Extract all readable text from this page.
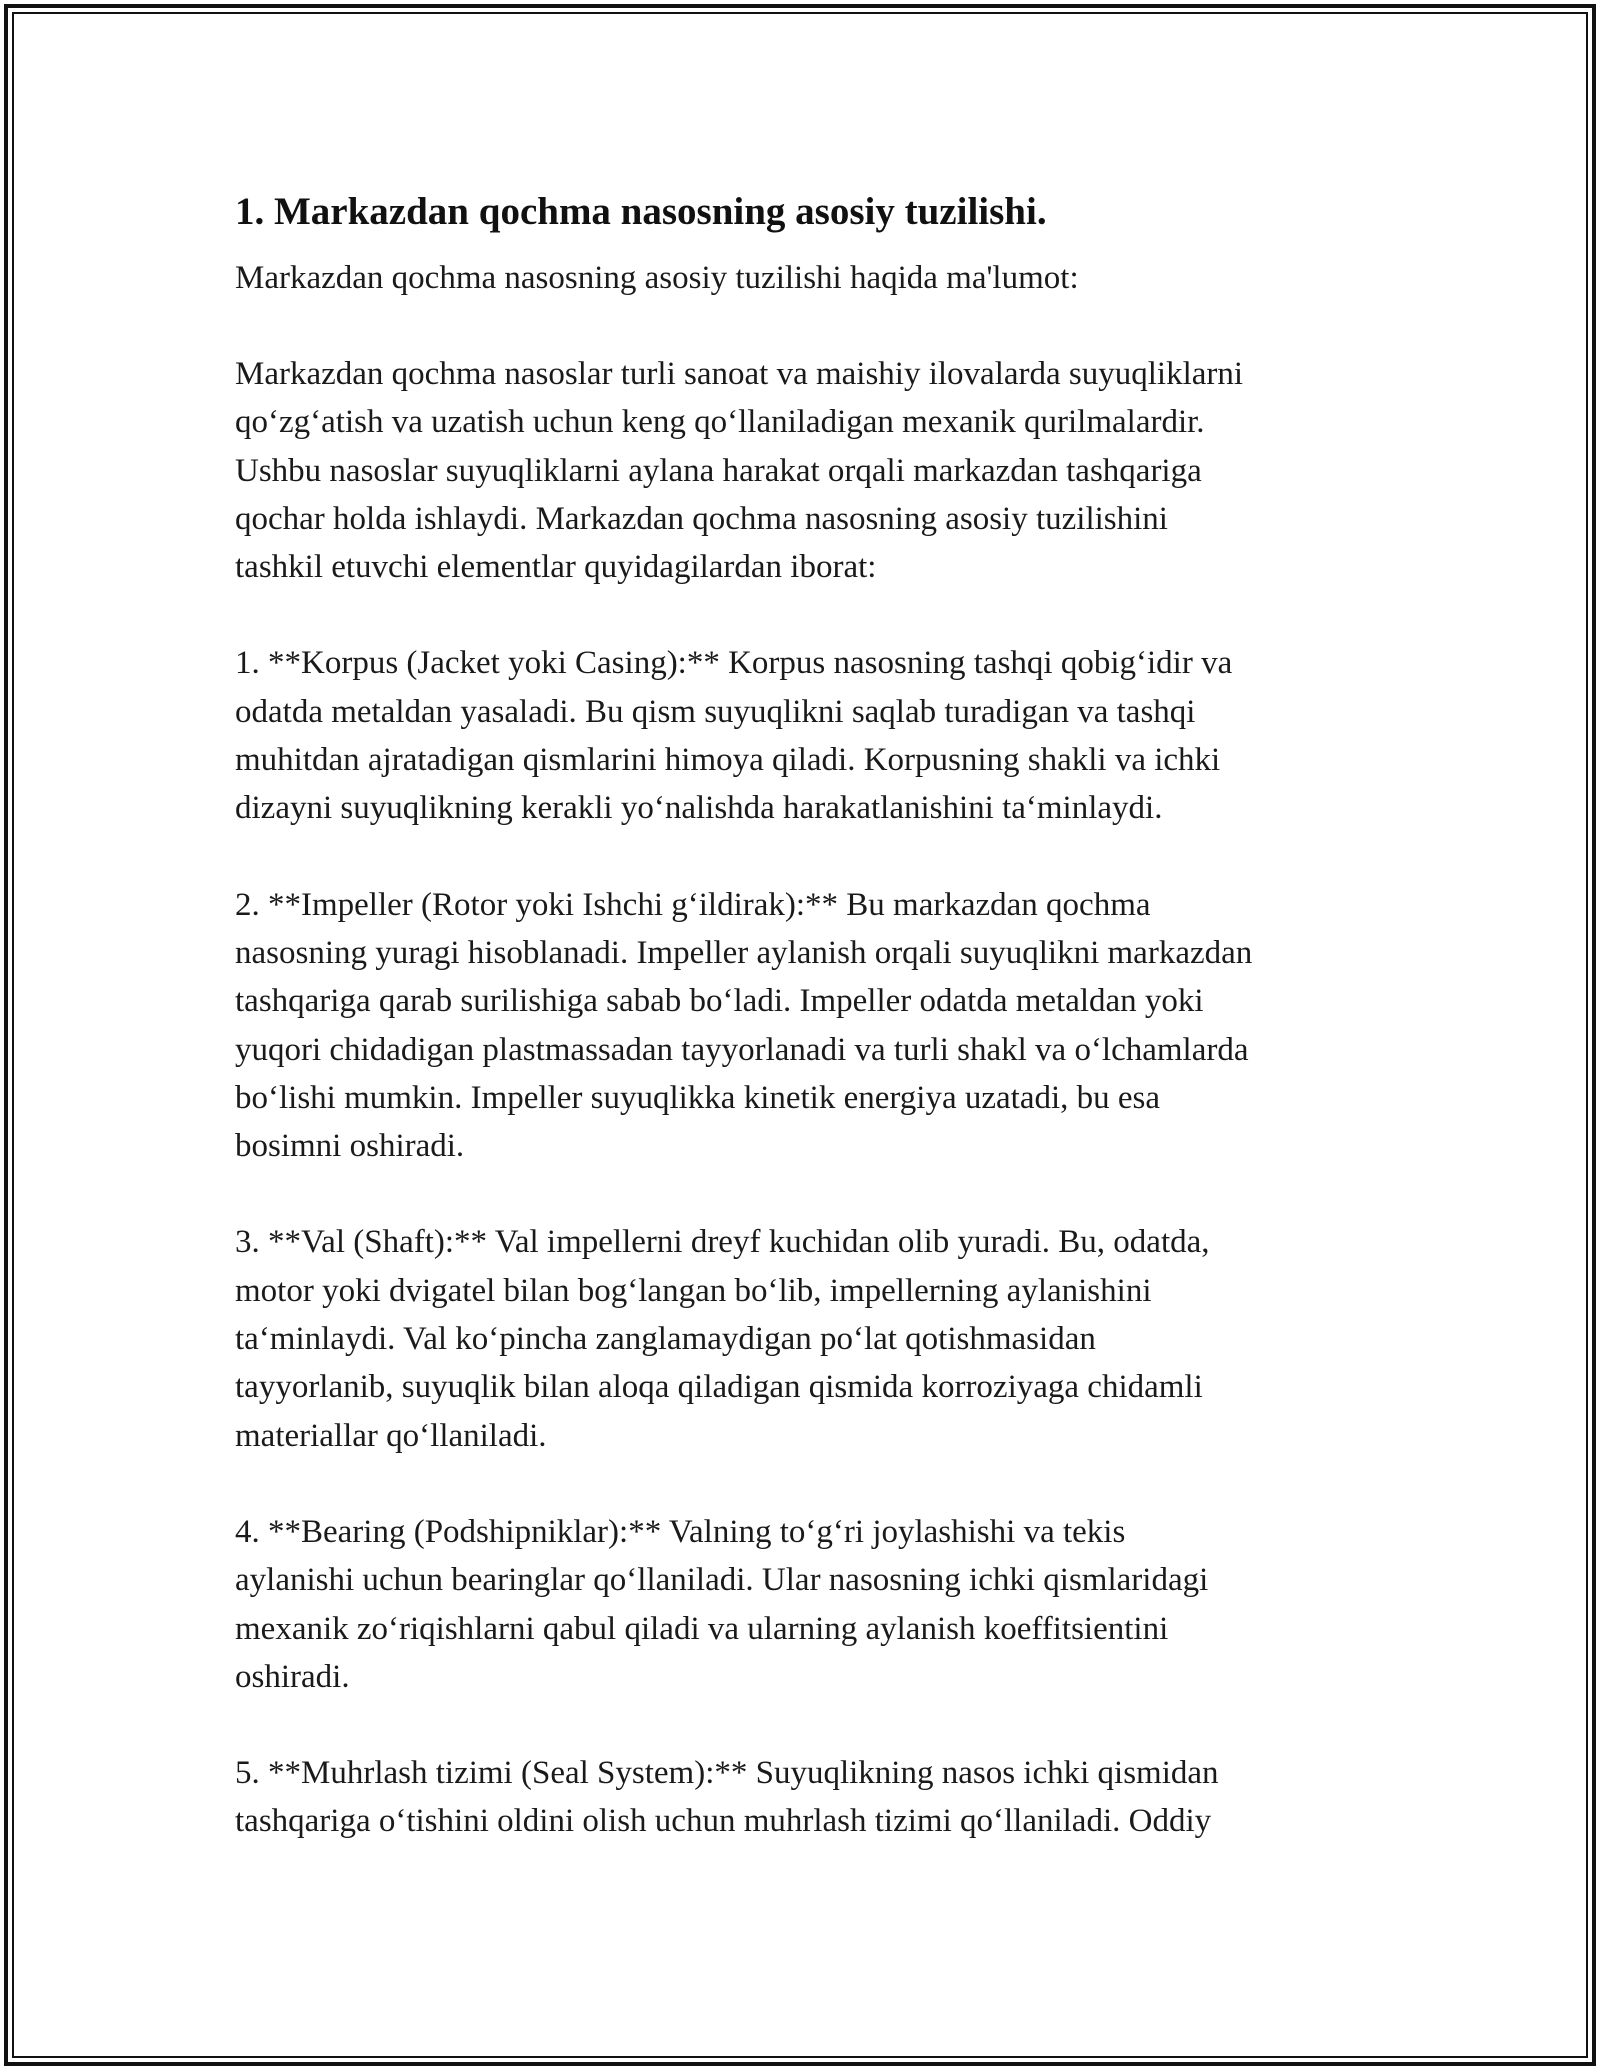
1. Markazdan qochma nasosning asosiy tuzilishi.

Markazdan qochma nasosning asosiy tuzilishi haqida ma'lumot:

Markazdan qochma nasoslar turli sanoat va maishiy ilovalarda suyuqliklarni
qo‘zg‘atish va uzatish uchun keng qo‘llaniladigan mexanik qurilmalardir.
Ushbu nasoslar suyuqliklarni aylana harakat orqali markazdan tashqariga
qochar holda ishlaydi. Markazdan qochma nasosning asosiy tuzilishini
tashkil etuvchi elementlar quyidagilardan iborat:

1. **Korpus (Jacket yoki Casing):** Korpus nasosning tashqi qobig‘idir va
odatda metaldan yasaladi. Bu qism suyuqlikni saqlab turadigan va tashqi
muhitdan ajratadigan qismlarini himoya qiladi. Korpusning shakli va ichki
dizayni suyuqlikning kerakli yo‘nalishda harakatlanishini ta‘minlaydi.

2. **Impeller (Rotor yoki Ishchi g‘ildirak):** Bu markazdan qochma
nasosning yuragi hisoblanadi. Impeller aylanish orqali suyuqlikni markazdan
tashqariga qarab surilishiga sabab bo‘ladi. Impeller odatda metaldan yoki
yuqori chidadigan plastmassadan tayyorlanadi va turli shakl va o‘lchamlarda
bo‘lishi mumkin. Impeller suyuqlikka kinetik energiya uzatadi, bu esa
bosimni oshiradi.

3. **Val (Shaft):** Val impellerni dreyf kuchidan olib yuradi. Bu, odatda,
motor yoki dvigatel bilan bog‘langan bo‘lib, impellerning aylanishini
ta‘minlaydi. Val ko‘pincha zanglamaydigan po‘lat qotishmasidan
tayyorlanib, suyuqlik bilan aloqa qiladigan qismida korroziyaga chidamli
materiallar qo‘llaniladi.

4. **Bearing (Podshipniklar):** Valning to‘g‘ri joylashishi va tekis
aylanishi uchun bearinglar qo‘llaniladi. Ular nasosning ichki qismlaridagi
mexanik zo‘riqishlarni qabul qiladi va ularning aylanish koeffitsientini
oshiradi.

5. **Muhrlash tizimi (Seal System):** Suyuqlikning nasos ichki qismidan
tashqariga o‘tishini oldini olish uchun muhrlash tizimi qo‘llaniladi. Oddiy
